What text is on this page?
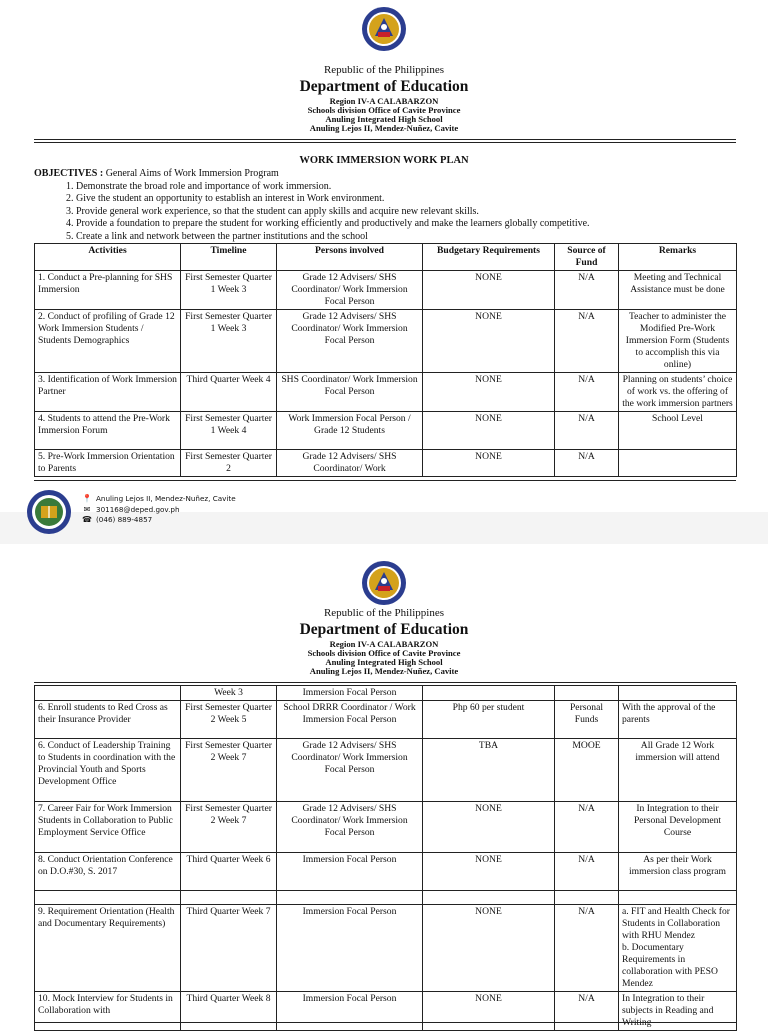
Republic of the Philippines
Department of Education
Region IV-A CALABARZON
Schools division Office of Cavite Province
Anuling Integrated High School
Anuling Lejos II, Mendez-Nuñez, Cavite
WORK IMMERSION WORK PLAN
OBJECTIVES : General Aims of Work Immersion Program
1. Demonstrate the broad role and importance of work immersion.
2. Give the student an opportunity to establish an interest in Work environment.
3. Provide general work experience, so that the student can apply skills and acquire new relevant skills.
4. Provide a foundation to prepare the student for working efficiently and productively and make the learners globally competitive.
5. Create a link and network between the partner institutions and the school
Activities	Timeline	Persons involved	Budgetary Requirements	Source of Fund	Remarks
1. Conduct a Pre-planning for SHS Immersion	First Semester Quarter 1 Week 3	Grade 12 Advisers/ SHS Coordinator/ Work Immersion Focal Person	NONE	N/A	Meeting and Technical Assistance must be done
2. Conduct of profiling of Grade 12 Work Immersion Students / Students Demographics	First Semester Quarter 1 Week 3	Grade 12 Advisers/ SHS Coordinator/ Work Immersion Focal Person	NONE	N/A	Teacher to administer the Modified Pre-Work Immersion Form (Students to accomplish this via online)
3. Identification of Work Immersion Partner	Third Quarter Week 4	SHS Coordinator/ Work Immersion Focal Person	NONE	N/A	Planning on students’ choice of work vs. the offering of the work immersion partners
4. Students to attend the Pre-Work Immersion Forum	First Semester Quarter 1 Week 4	Work Immersion Focal Person / Grade 12 Students	NONE	N/A	School Level
5. Pre-Work Immersion Orientation to Parents	First Semester Quarter 2	Grade 12 Advisers/ SHS Coordinator/ Work	NONE	N/A	
📍 Anuling Lejos II, Mendez-Nuñez, Cavite
✉ 301168@deped.gov.ph
☎ (046) 889-4857
Republic of the Philippines
Department of Education
Region IV-A CALABARZON
Schools division Office of Cavite Province
Anuling Integrated High School
Anuling Lejos II, Mendez-Nuñez, Cavite
	Week 3	Immersion Focal Person			
6. Enroll students to Red Cross as their Insurance Provider	First Semester Quarter 2 Week 5	School DRRR Coordinator / Work Immersion Focal Person	Php 60 per student	Personal Funds	With the approval of the parents
6. Conduct of Leadership Training to Students in coordination with the Provincial Youth and Sports Development Office	First Semester Quarter 2 Week 7	Grade 12 Advisers/ SHS Coordinator/ Work Immersion Focal Person	TBA	MOOE	All Grade 12 Work immersion will attend
7. Career Fair for Work Immersion Students in Collaboration to Public Employment Service Office	First Semester Quarter 2 Week 7	Grade 12 Advisers/ SHS Coordinator/ Work Immersion Focal Person	NONE	N/A	In Integration to their Personal Development Course
8. Conduct Orientation Conference on D.O.#30, S. 2017	Third Quarter Week 6	Immersion Focal Person	NONE	N/A	As per their Work immersion class program

9. Requirement Orientation (Health and Documentary Requirements)	Third Quarter Week 7	Immersion Focal Person	NONE	N/A	a. FIT and Health Check for Students in Collaboration with RHU Mendez
b. Documentary Requirements in collaboration with PESO Mendez
10. Mock Interview for Students in Collaboration with	Third Quarter Week 8	Immersion Focal Person	NONE	N/A	In Integration to their subjects in Reading and Writing
